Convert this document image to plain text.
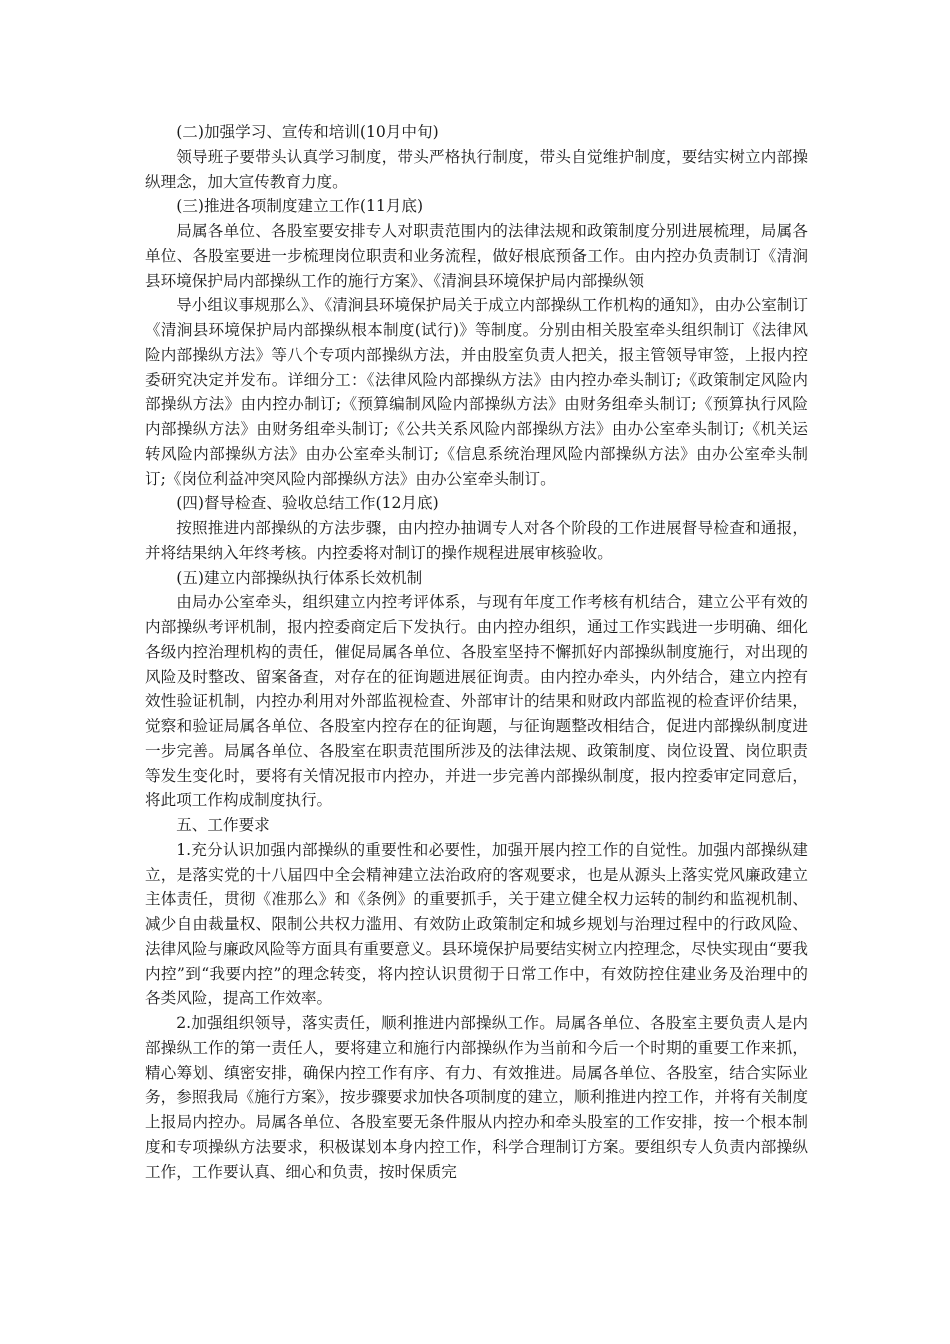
(二)加强学习、宣传和培训(10月中旬)

领导班子要带头认真学习制度，带头严格执行制度，带头自觉维护制度，要结实树立内部操纵理念，加大宣传教育力度。

(三)推进各项制度建立工作(11月底)

局属各单位、各股室要安排专人对职责范围内的法律法规和政策制度分别进展梳理，局属各单位、各股室要进一步梳理岗位职责和业务流程，做好根底预备工作。由内控办负责制订《清涧县环境保护局内部操纵工作的施行方案》、《清涧县环境保护局内部操纵领
导小组议事规那么》、《清涧县环境保护局关于成立内部操纵工作机构的通知》，由办公室制订《清涧县环境保护局内部操纵根本制度(试行)》等制度。分别由相关股室牵头组织制订《法律风险内部操纵方法》等八个专项内部操纵方法，并由股室负责人把关，报主管领导审签，上报内控委研究决定并发布。详细分工：《法律风险内部操纵方法》由内控办牵头制订;《政策制定风险内部操纵方法》由内控办制订;《预算编制风险内部操纵方法》由财务组牵头制订;《预算执行风险内部操纵方法》由财务组牵头制订;《公共关系风险内部操纵方法》由办公室牵头制订;《机关运转风险内部操纵方法》由办公室牵头制订;《信息系统治理风险内部操纵方法》由办公室牵头制订;《岗位利益冲突风险内部操纵方法》由办公室牵头制订。

(四)督导检查、验收总结工作(12月底)

按照推进内部操纵的方法步骤，由内控办抽调专人对各个阶段的工作进展督导检查和通报，并将结果纳入年终考核。内控委将对制订的操作规程进展审核验收。

(五)建立内部操纵执行体系长效机制

由局办公室牵头，组织建立内控考评体系，与现有年度工作考核有机结合，建立公平有效的内部操纵考评机制，报内控委商定后下发执行。由内控办组织，通过工作实践进一步明确、细化各级内控治理机构的责任，催促局属各单位、各股室坚持不懈抓好内部操纵制度施行，对出现的风险及时整改、留案备查，对存在的征询题进展征询责。由内控办牵头，内外结合，建立内控有效性验证机制，内控办利用对外部监视检查、外部审计的结果和财政内部监视的检查评价结果，觉察和验证局属各单位、各股室内控存在的征询题，与征询题整改相结合，促进内部操纵制度进一步完善。局属各单位、各股室在职责范围所涉及的法律法规、政策制度、岗位设置、岗位职责等发生变化时，要将有关情况报市内控办，并进一步完善内部操纵制度，报内控委审定同意后，将此项工作构成制度执行。

五、工作要求

1.充分认识加强内部操纵的重要性和必要性，加强开展内控工作的自觉性。加强内部操纵建立，是落实党的十八届四中全会精神建立法治政府的客观要求，也是从源头上落实党风廉政建立主体责任，贯彻《准那么》和《条例》的重要抓手，关于建立健全权力运转的制约和监视机制、减少自由裁量权、限制公共权力滥用、有效防止政策制定和城乡规划与治理过程中的行政风险、法律风险与廉政风险等方面具有重要意义。县环境保护局要结实树立内控理念，尽快实现由“要我内控”到“我要内控”的理念转变，将内控认识贯彻于日常工作中，有效防控住建业务及治理中的各类风险，提高工作效率。

2.加强组织领导，落实责任，顺利推进内部操纵工作。局属各单位、各股室主要负责人是内部操纵工作的第一责任人，要将建立和施行内部操纵作为当前和今后一个时期的重要工作来抓，精心筹划、缜密安排，确保内控工作有序、有力、有效推进。局属各单位、各股室，结合实际业务，参照我局《施行方案》，按步骤要求加快各项制度的建立，顺利推进内控工作，并将有关制度上报局内控办。局属各单位、各股室要无条件服从内控办和牵头股室的工作安排，按一个根本制度和专项操纵方法要求，积极谋划本身内控工作，科学合理制订方案。要组织专人负责内部操纵工作，工作要认真、细心和负责，按时保质完
